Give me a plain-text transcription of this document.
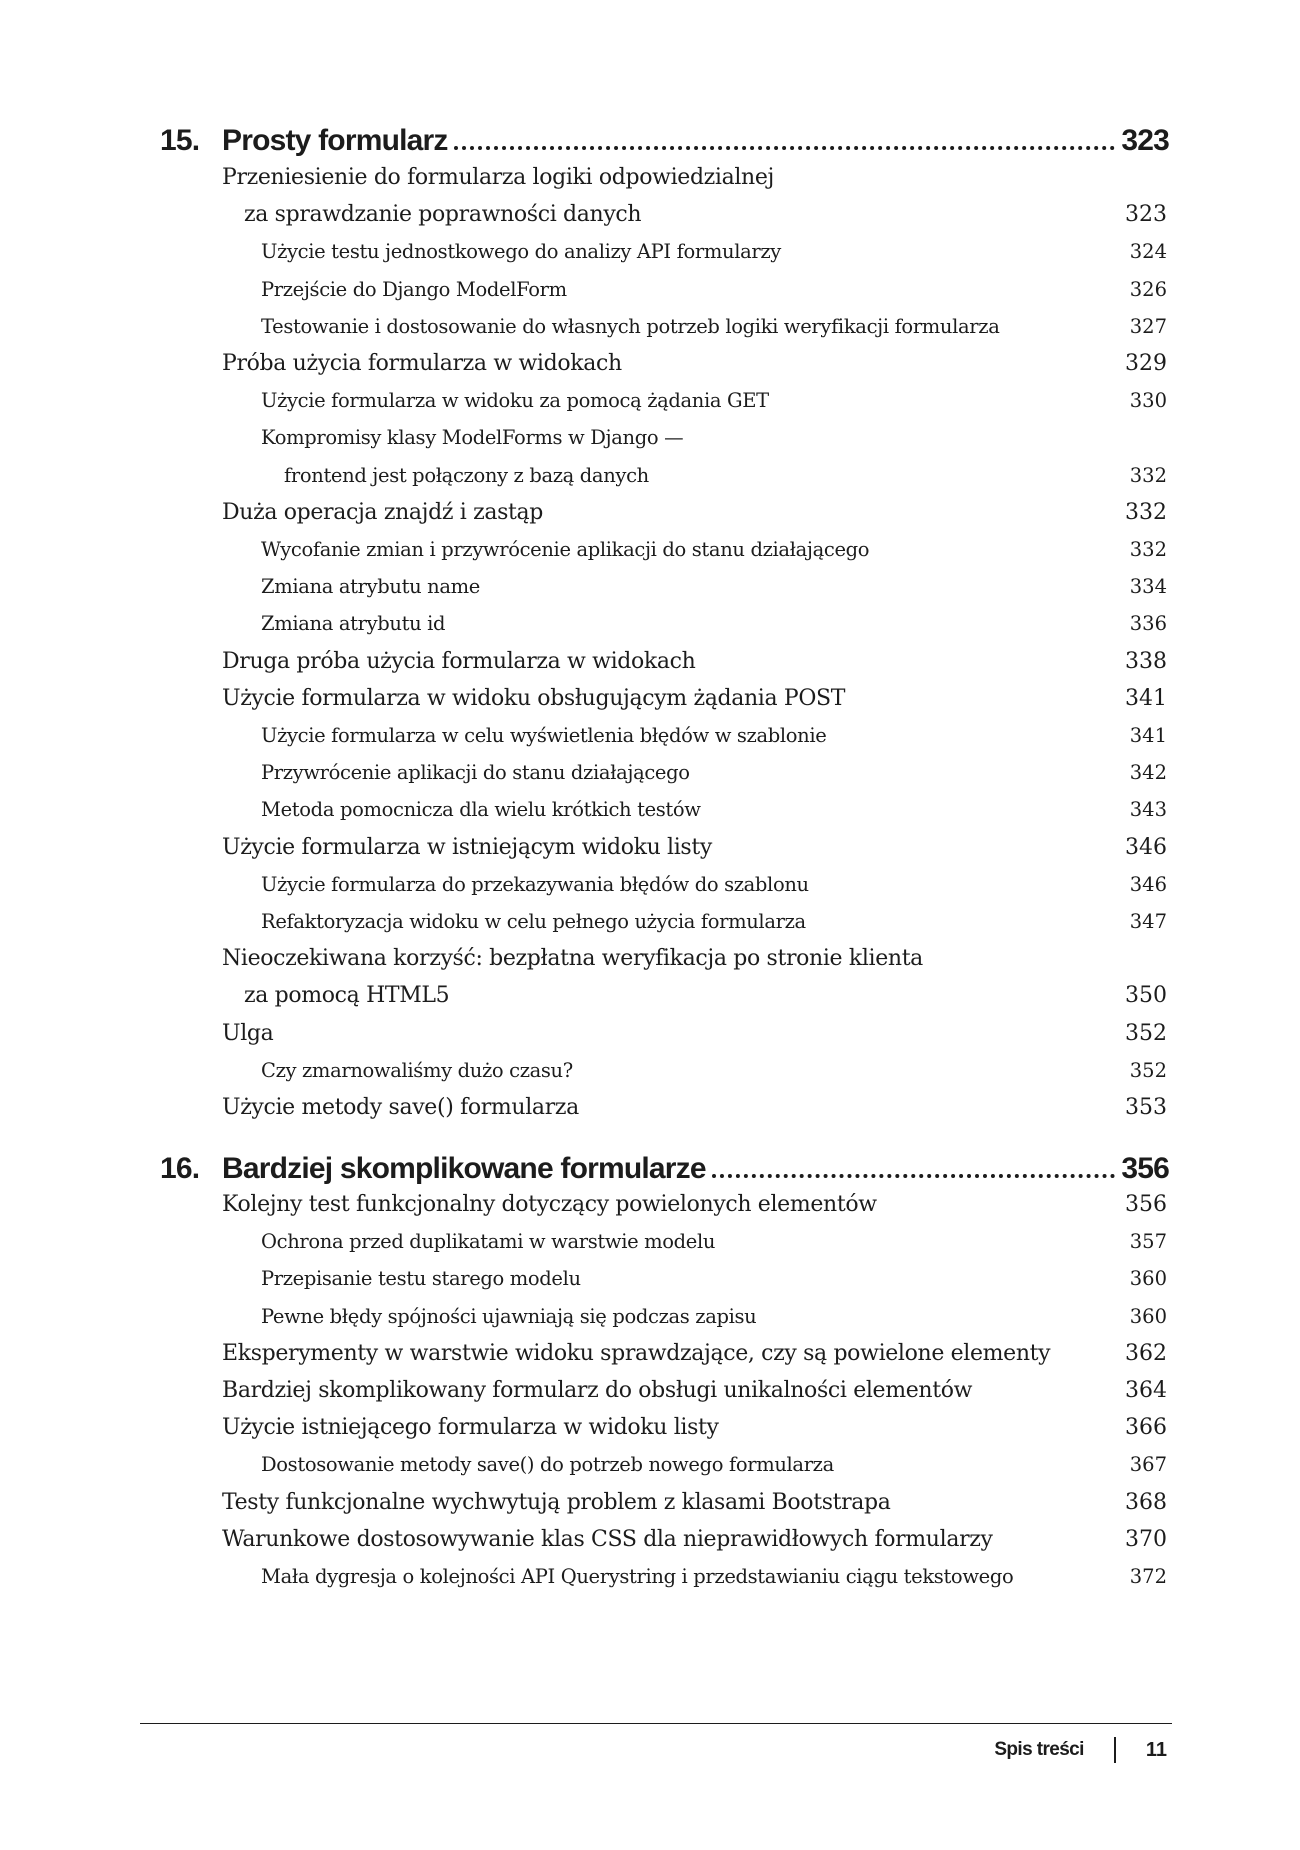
15. Prosty formularz	323
Przeniesienie do formularza logiki odpowiedzialnej
za sprawdzanie poprawności danych	323
Użycie testu jednostkowego do analizy API formularzy	324
Przejście do Django ModelForm	326
Testowanie i dostosowanie do własnych potrzeb logiki weryfikacji formularza	327
Próba użycia formularza w widokach	329
Użycie formularza w widoku za pomocą żądania GET	330
Kompromisy klasy ModelForms w Django —
frontend jest połączony z bazą danych	332
Duża operacja znajdź i zastąp	332
Wycofanie zmian i przywrócenie aplikacji do stanu działającego	332
Zmiana atrybutu name	334
Zmiana atrybutu id	336
Druga próba użycia formularza w widokach	338
Użycie formularza w widoku obsługującym żądania POST	341
Użycie formularza w celu wyświetlenia błędów w szablonie	341
Przywrócenie aplikacji do stanu działającego	342
Metoda pomocnicza dla wielu krótkich testów	343
Użycie formularza w istniejącym widoku listy	346
Użycie formularza do przekazywania błędów do szablonu	346
Refaktoryzacja widoku w celu pełnego użycia formularza	347
Nieoczekiwana korzyść: bezpłatna weryfikacja po stronie klienta
za pomocą HTML5	350
Ulga	352
Czy zmarnowaliśmy dużo czasu?	352
Użycie metody save() formularza	353
16. Bardziej skomplikowane formularze	356
Kolejny test funkcjonalny dotyczący powielonych elementów	356
Ochrona przed duplikatami w warstwie modelu	357
Przepisanie testu starego modelu	360
Pewne błędy spójności ujawniają się podczas zapisu	360
Eksperymenty w warstwie widoku sprawdzające, czy są powielone elementy	362
Bardziej skomplikowany formularz do obsługi unikalności elementów	364
Użycie istniejącego formularza w widoku listy	366
Dostosowanie metody save() do potrzeb nowego formularza	367
Testy funkcjonalne wychwytują problem z klasami Bootstrapa	368
Warunkowe dostosowywanie klas CSS dla nieprawidłowych formularzy	370
Mała dygresja o kolejności API Querystring i przedstawianiu ciągu tekstowego	372
Spis treści	11
